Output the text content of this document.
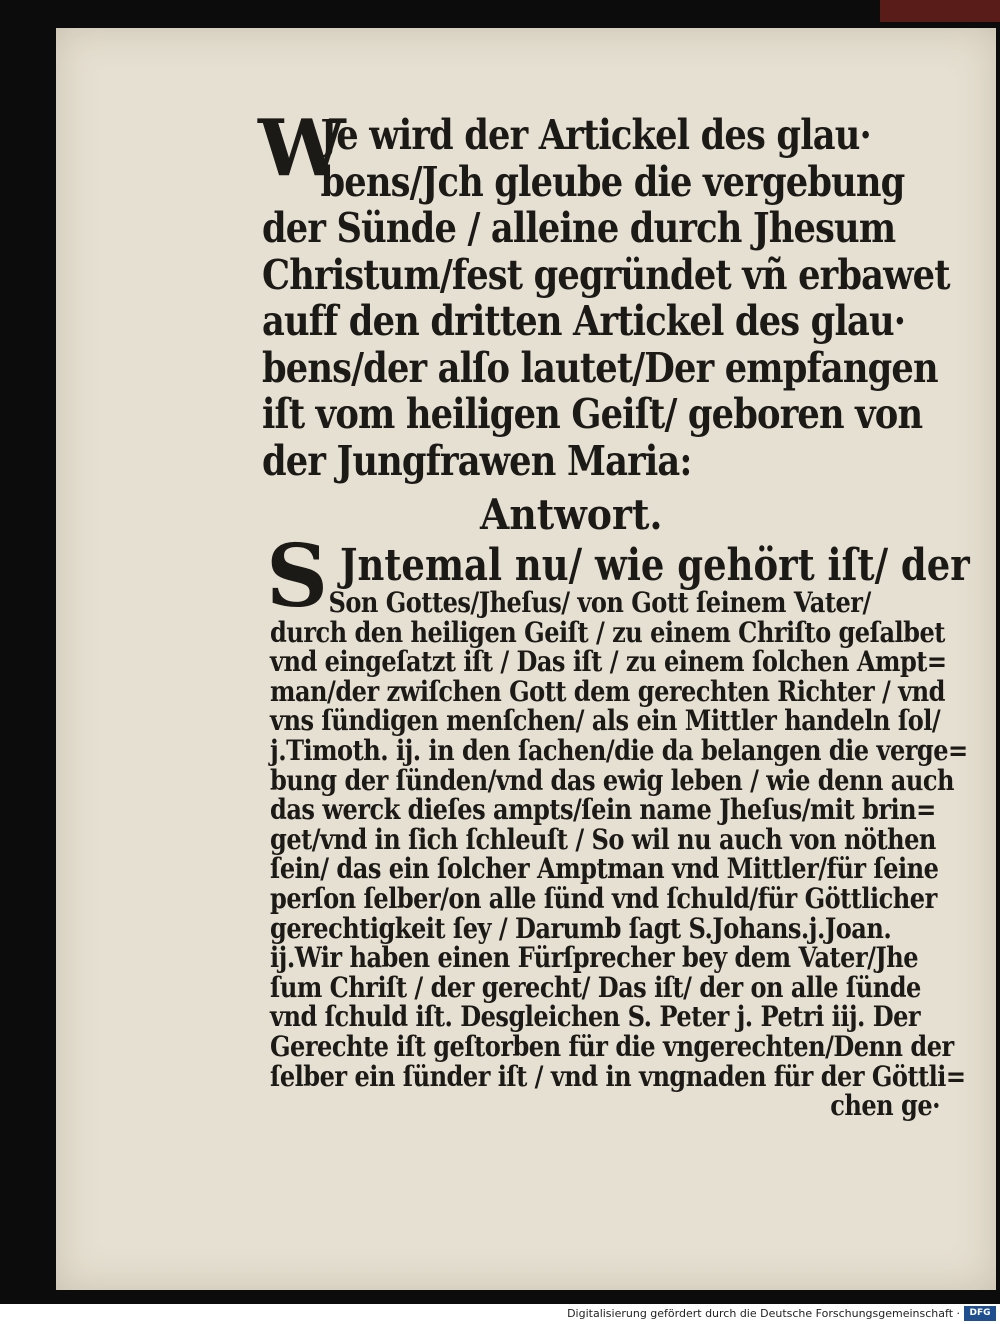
W
Je wird der Artickel des glau·
bens/Jch gleube die vergebung
der Sünde / alleine durch Jhesum
Christum/fest gegründet vñ erbawet
auff den dritten Artickel des glau·
bens/der alſo lautet/Der empfangen
iſt vom heiligen Geiſt/ geboren von
der Jungfrawen Maria:
Antwort.
S Jntemal nu/ wie gehört iſt/ der
Son Gottes/Jheſus/ von Gott ſeinem Vater/
durch den heiligen Geiſt / zu einem Chriſto geſalbet
vnd eingeſatzt iſt / Das iſt / zu einem ſolchen Ampt=
man/der zwiſchen Gott dem gerechten Richter / vnd
vns ſündigen menſchen/ als ein Mittler handeln ſol/
j.Timoth. ij. in den ſachen/die da belangen die verge=
bung der ſünden/vnd das ewig leben / wie denn auch
das werck dieſes ampts/ſein name Jheſus/mit brin=
get/vnd in ſich ſchleuſt / So wil nu auch von nöthen
ſein/ das ein ſolcher Amptman vnd Mittler/für ſeine
perſon ſelber/on alle ſünd vnd ſchuld/für Göttlicher
gerechtigkeit ſey / Darumb ſagt S.Johans.j.Joan.
ij.Wir haben einen Fürſprecher bey dem Vater/Jhe
ſum Chriſt / der gerecht/ Das iſt/ der on alle ſünde
vnd ſchuld iſt. Desgleichen S. Peter j. Petri iij. Der
Gerechte iſt geſtorben für die vngerechten/Denn der
ſelber ein ſünder iſt / vnd in vngnaden für der Göttli=
chen ge·
Digitalisierung gefördert durch die Deutsche Forschungsgemeinschaft ·	DFG
